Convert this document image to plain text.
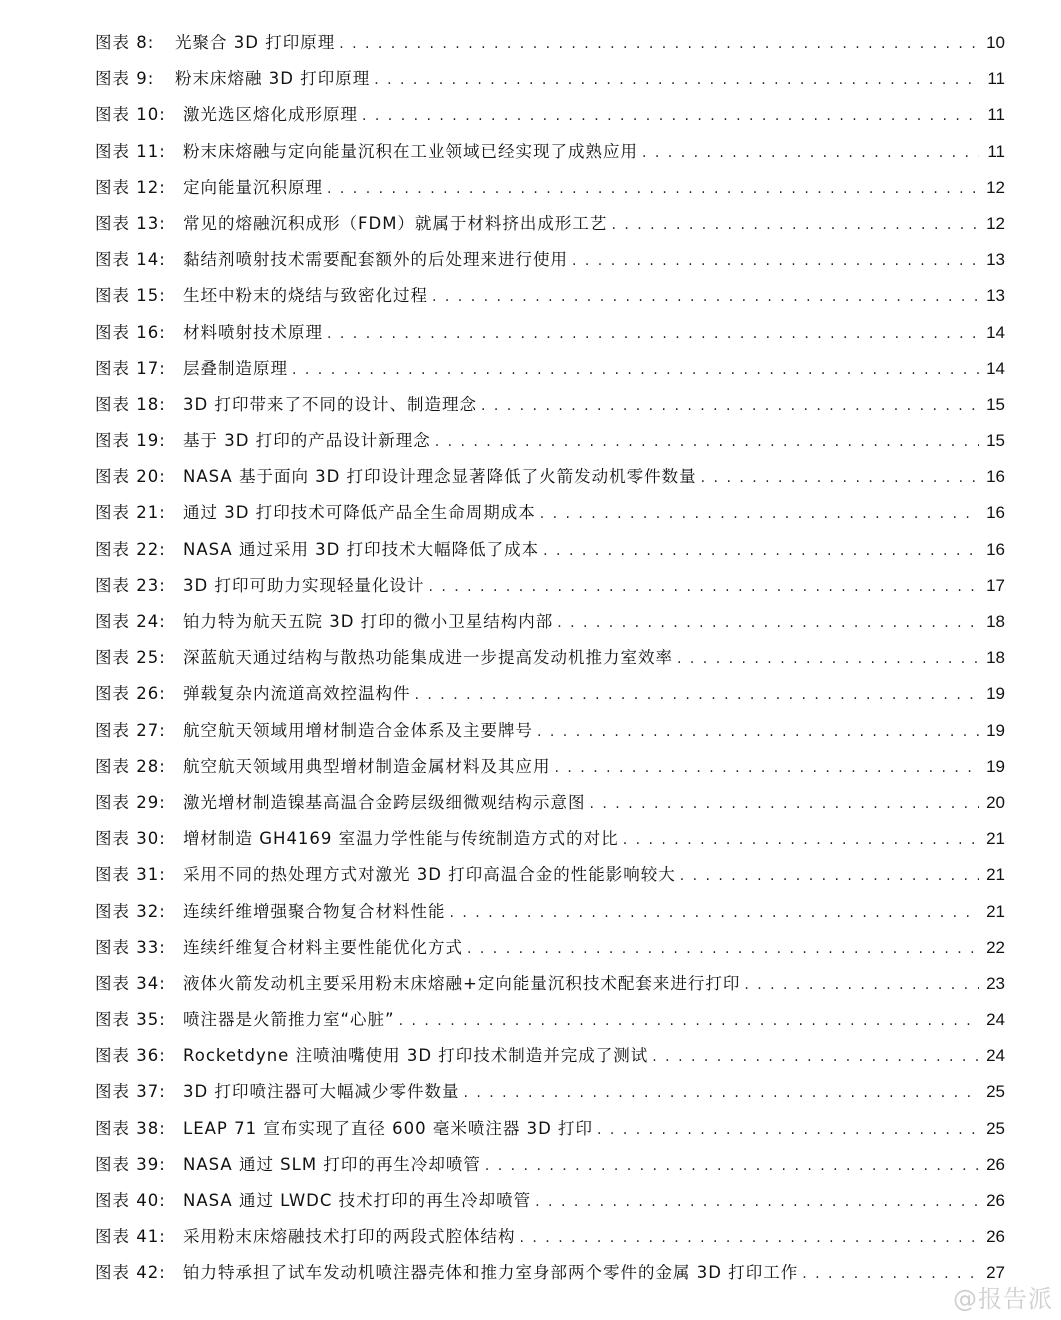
图表 8:	光聚合 3D 打印原理 . . .	10
图表 9:	粉末床熔融 3D 打印原理 . . .	11
图表 10:	激光选区熔化成形原理 . . .	11
图表 11:	粉末床熔融与定向能量沉积在工业领域已经实现了成熟应用 . . .	11
图表 12:	定向能量沉积原理 . . .	12
图表 13:	常见的熔融沉积成形（FDM）就属于材料挤出成形工艺 . . .	12
图表 14:	黏结剂喷射技术需要配套额外的后处理来进行使用 . . .	13
图表 15:	生坯中粉末的烧结与致密化过程 . . .	13
图表 16:	材料喷射技术原理 . . .	14
图表 17:	层叠制造原理 . . .	14
图表 18:	3D 打印带来了不同的设计、制造理念 . . .	15
图表 19:	基于 3D 打印的产品设计新理念 . . .	15
图表 20:	NASA 基于面向 3D 打印设计理念显著降低了火箭发动机零件数量 . . .	16
图表 21:	通过 3D 打印技术可降低产品全生命周期成本 . . .	16
图表 22:	NASA 通过采用 3D 打印技术大幅降低了成本 . . .	16
图表 23:	3D 打印可助力实现轻量化设计 . . .	17
图表 24:	铂力特为航天五院 3D 打印的微小卫星结构内部 . . .	18
图表 25:	深蓝航天通过结构与散热功能集成进一步提高发动机推力室效率 . . .	18
图表 26:	弹载复杂内流道高效控温构件 . . .	19
图表 27:	航空航天领域用增材制造合金体系及主要牌号 . . .	19
图表 28:	航空航天领域用典型增材制造金属材料及其应用 . . .	19
图表 29:	激光增材制造镍基高温合金跨层级细微观结构示意图 . . .	20
图表 30:	增材制造 GH4169 室温力学性能与传统制造方式的对比 . . .	21
图表 31:	采用不同的热处理方式对激光 3D 打印高温合金的性能影响较大 . . .	21
图表 32:	连续纤维增强聚合物复合材料性能 . . .	21
图表 33:	连续纤维复合材料主要性能优化方式 . . .	22
图表 34:	液体火箭发动机主要采用粉末床熔融+定向能量沉积技术配套来进行打印 . . .	23
图表 35:	喷注器是火箭推力室“心脏” . . .	24
图表 36:	Rocketdyne 注喷油嘴使用 3D 打印技术制造并完成了测试 . . .	24
图表 37:	3D 打印喷注器可大幅减少零件数量 . . .	25
图表 38:	LEAP 71 宣布实现了直径 600 毫米喷注器 3D 打印 . . .	25
图表 39:	NASA 通过 SLM 打印的再生冷却喷管 . . .	26
图表 40:	NASA 通过 LWDC 技术打印的再生冷却喷管 . . .	26
图表 41:	采用粉末床熔融技术打印的两段式腔体结构 . . .	26
图表 42:	铂力特承担了试车发动机喷注器壳体和推力室身部两个零件的金属 3D 打印工作 . . .	27
@报告派
